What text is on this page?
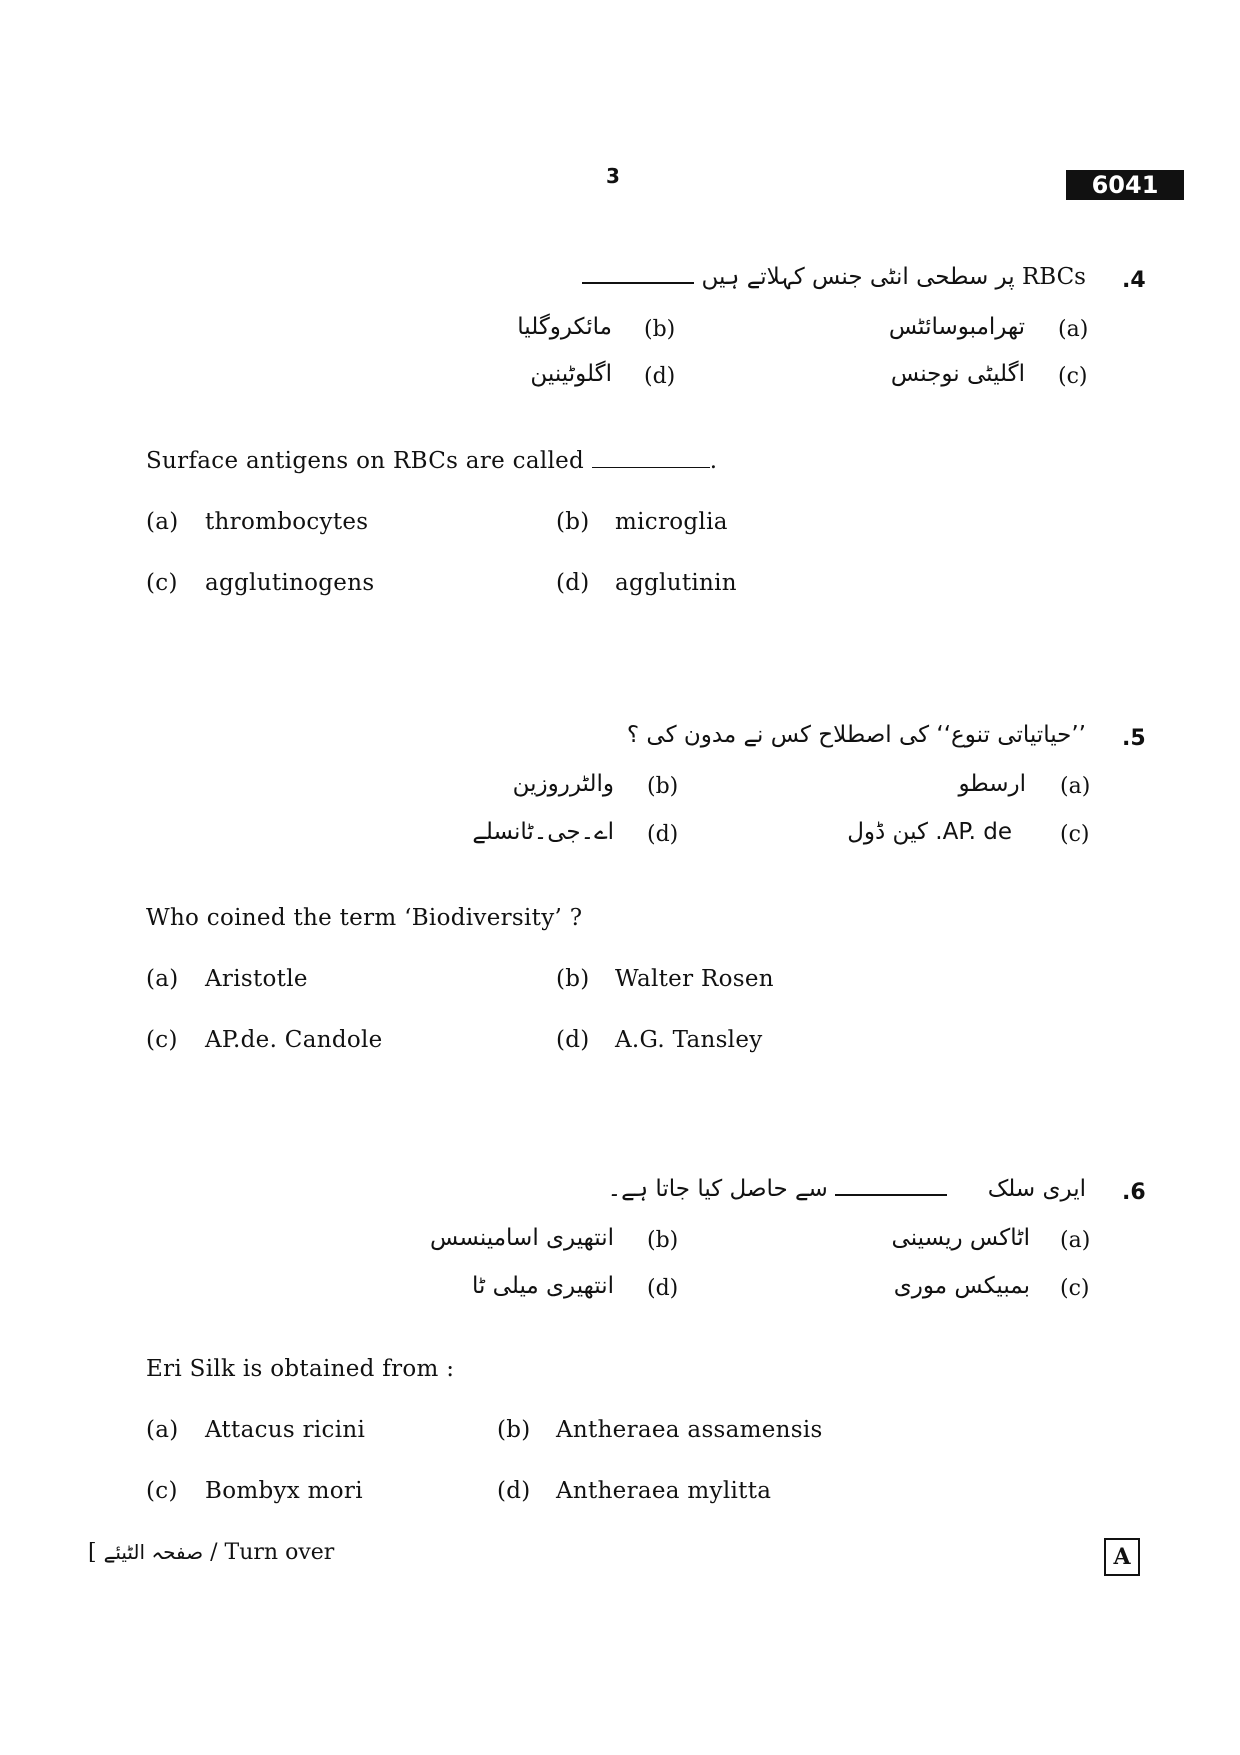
3	6041
.4
RBCs پر سطحی انٹی جنس کہلاتے ہیں
(a)
تھرامبوسائٹس
(b)
مائکروگلیا
(c)
اگلیٹی نوجنس
(d)
اگلوٹینین
Surface antigens on RBCs are called	.
(a) thrombocytes	(b) microglia
(c) agglutinogens	(d) agglutinin
.5
’’حیاتیاتی تنوع‘‘ کی اصطلاح کس نے مدون کی ؟
(a)
ارسطو
(b)
والٹرروزین
(c)
AP. de. کین ڈول
(d)
اے۔جی۔ٹانسلے
Who coined the term ‘Biodiversity’ ?
(a) Aristotle	(b) Walter Rosen
(c) AP.de. Candole	(d) A.G. Tansley
.6
ایری سلک   سے حاصل کیا جاتا ہے۔
(a)
اٹاکس ریسینی
(b)
انتھیری اسامینسس
(c)
بمبیکس موری
(d)
انتھیری میلی ٹا
Eri Silk is obtained from :
(a) Attacus ricini	(b) Antheraea assamensis
(c) Bombyx mori	(d) Antheraea mylitta
[ صفحہ الٹیئے / Turn over	A
